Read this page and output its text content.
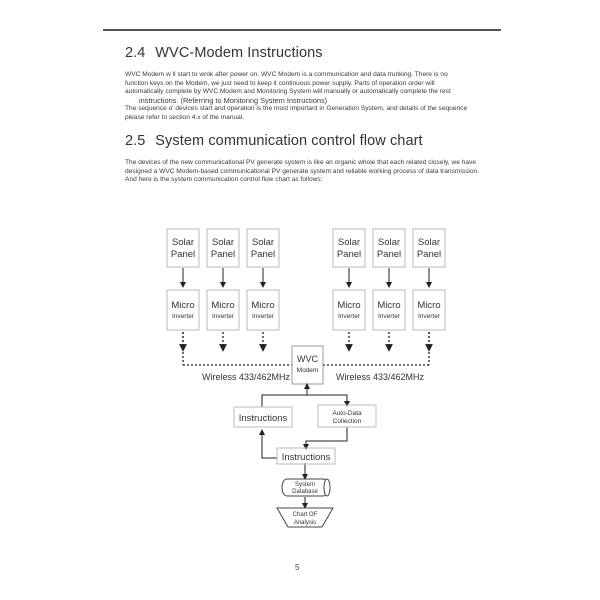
2.4 WVC-Modem Instructions
WVC Modem w ll start to wrok after power on. WVC Modem is a communication and data trunking. There is no
function keys on the Modem, we just need to keep it continuous power supply. Parts of operation order will
automatically complete by WVC Modem and Monitoring System will manually or automatically complete the rest
instructions. (Referring to Monitoring System Instructions)
The sequence o' devices start and operation is the most important in Generation System, and details of the sequence
please refer to section 4.x of the manual.
2.5 System communication control flow chart
The devices of the new communicational PV generate system is like an organic whole that each related closely, we have
designed a WVC Modem-based communicational PV generate system and reliable working process of data transmission.
And here is the system communication control flow chart as follows:
Solar
Panel
Solar
Panel
Solar
Panel
Solar
Panel
Solar
Panel
Solar
Panel
Micro Micro Micro	Micro Micro Micro
Inverter	Inverter	Inverter	Inverter	Inverter	Inverter
WVC
Modem
Wireless 433/462MHz	Wireless 433/462MHz
Instructions	Auto-Data
Collection
Instructions
System
Database
Chart OF
Analysis
5
